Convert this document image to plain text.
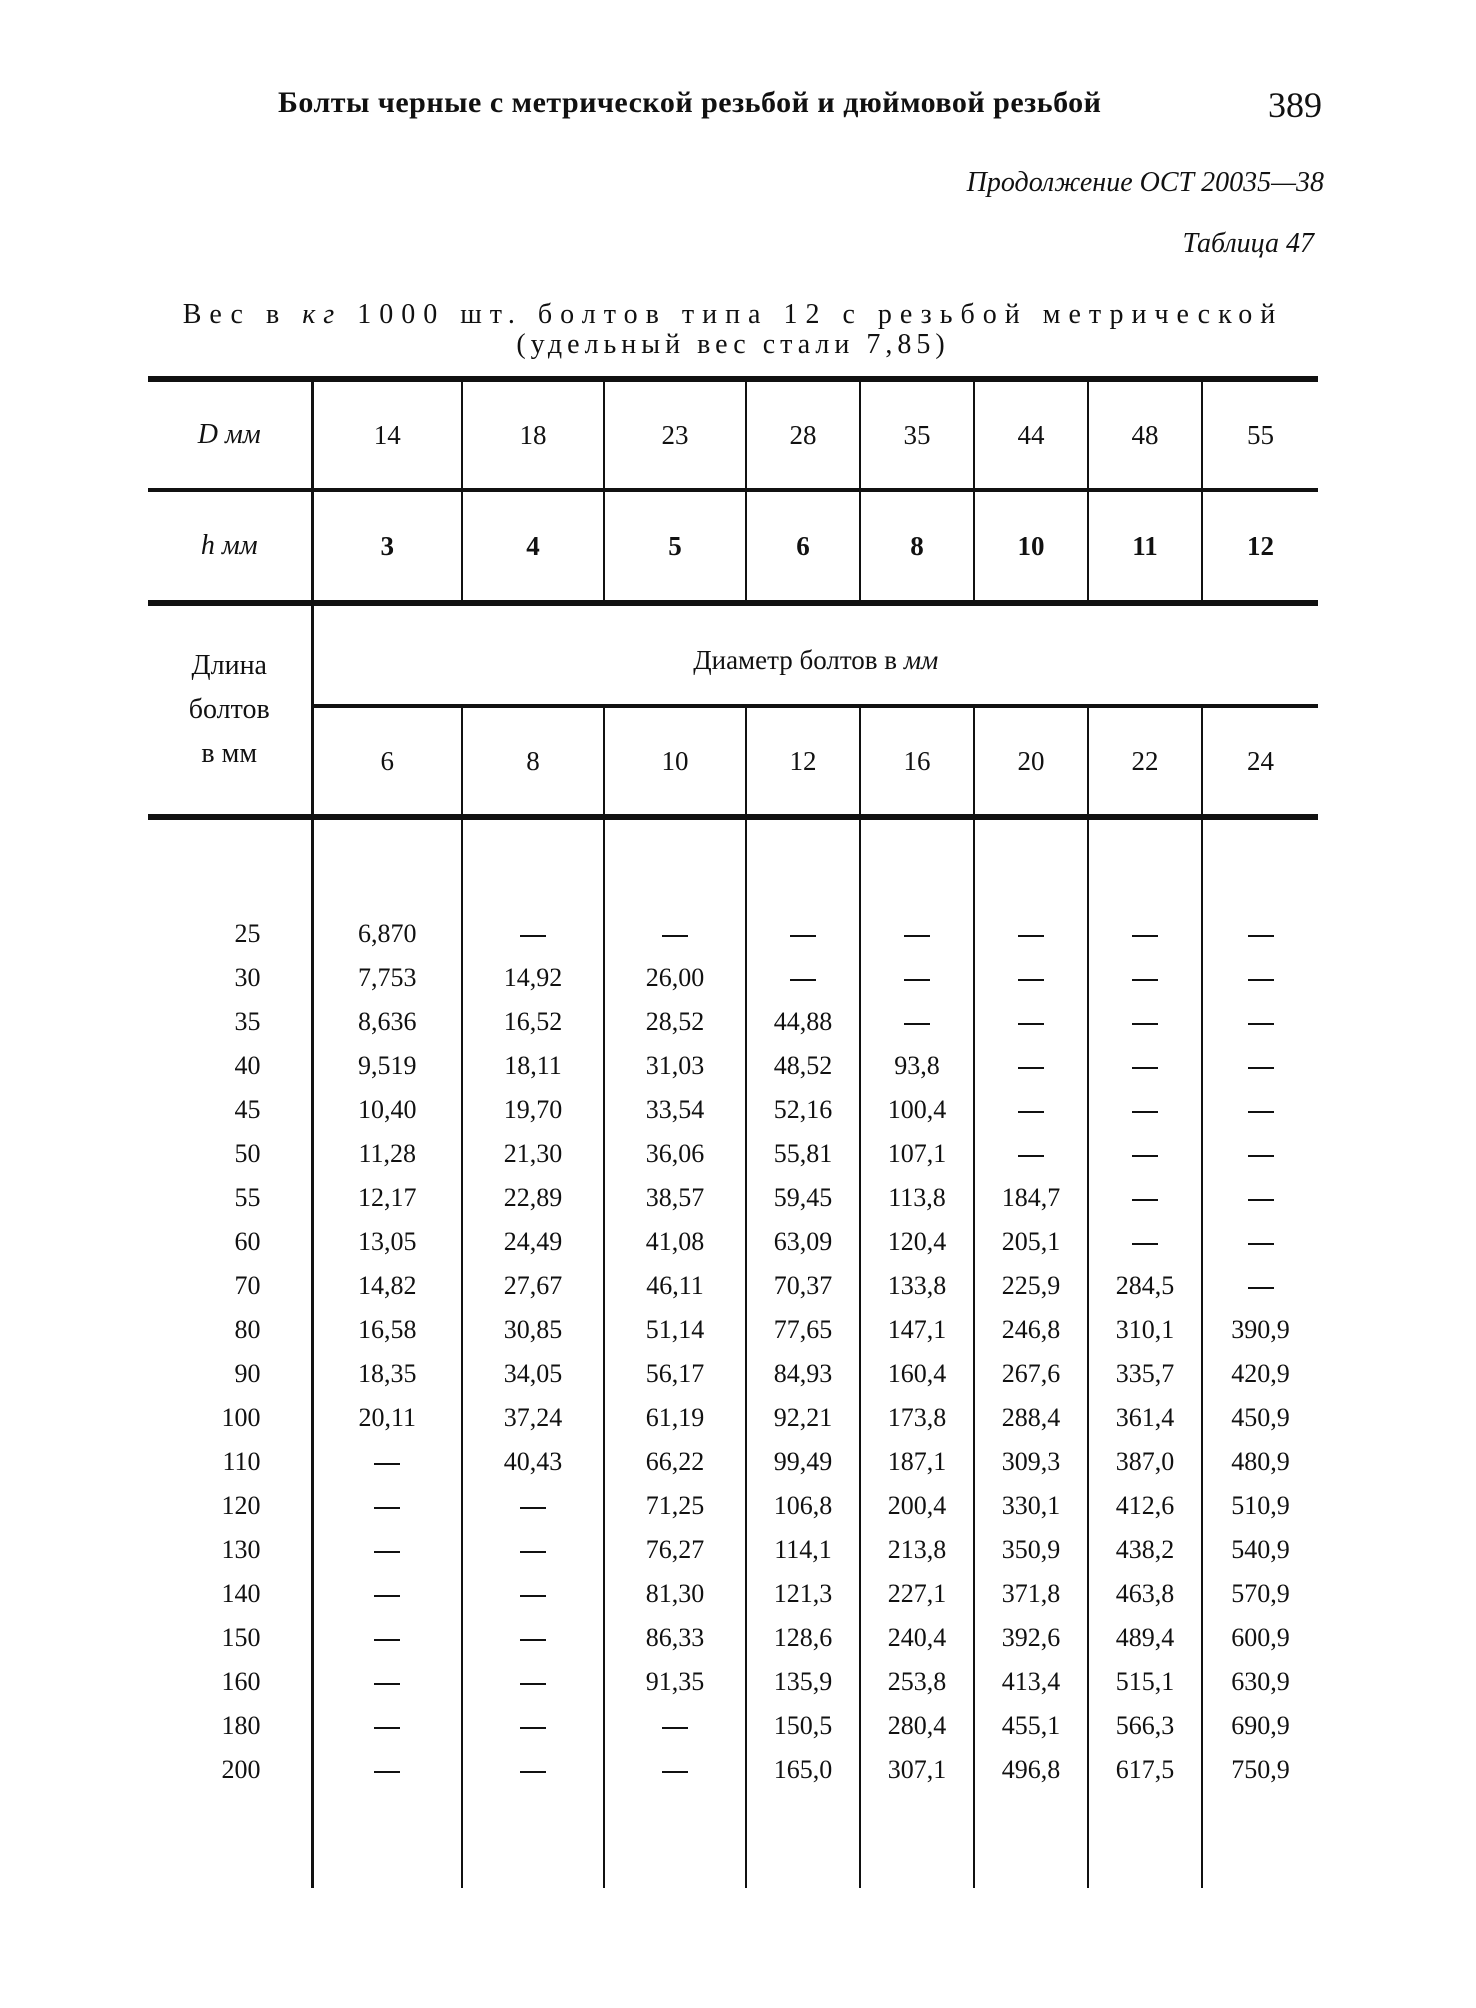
Болты черные с метрической резьбой и дюймовой резьбой	389
Продолжение ОСТ 20035—38
Таблица 47
Вес в кг 1000 шт. болтов типа 12 с резьбой метрической
(удельный вес стали 7,85)
D мм	14	18	23	28	35	44	48	55
h мм	3	4	5	6	8	10	11	12

Длина
болтов
в мм	Диаметр болтов в мм							
	6	8	10	12	16	20	22	24

25	6,870							
30	7,753	14,92	26,00					
35	8,636	16,52	28,52	44,88				
40	9,519	18,11	31,03	48,52	93,8			
45	10,40	19,70	33,54	52,16	100,4			
50	11,28	21,30	36,06	55,81	107,1			
55	12,17	22,89	38,57	59,45	113,8	184,7		
60	13,05	24,49	41,08	63,09	120,4	205,1		
70	14,82	27,67	46,11	70,37	133,8	225,9	284,5	
80	16,58	30,85	51,14	77,65	147,1	246,8	310,1	390,9
90	18,35	34,05	56,17	84,93	160,4	267,6	335,7	420,9
100	20,11	37,24	61,19	92,21	173,8	288,4	361,4	450,9
110		40,43	66,22	99,49	187,1	309,3	387,0	480,9
120			71,25	106,8	200,4	330,1	412,6	510,9
130			76,27	114,1	213,8	350,9	438,2	540,9
140			81,30	121,3	227,1	371,8	463,8	570,9
150			86,33	128,6	240,4	392,6	489,4	600,9
160			91,35	135,9	253,8	413,4	515,1	630,9
180				150,5	280,4	455,1	566,3	690,9
200				165,0	307,1	496,8	617,5	750,9
